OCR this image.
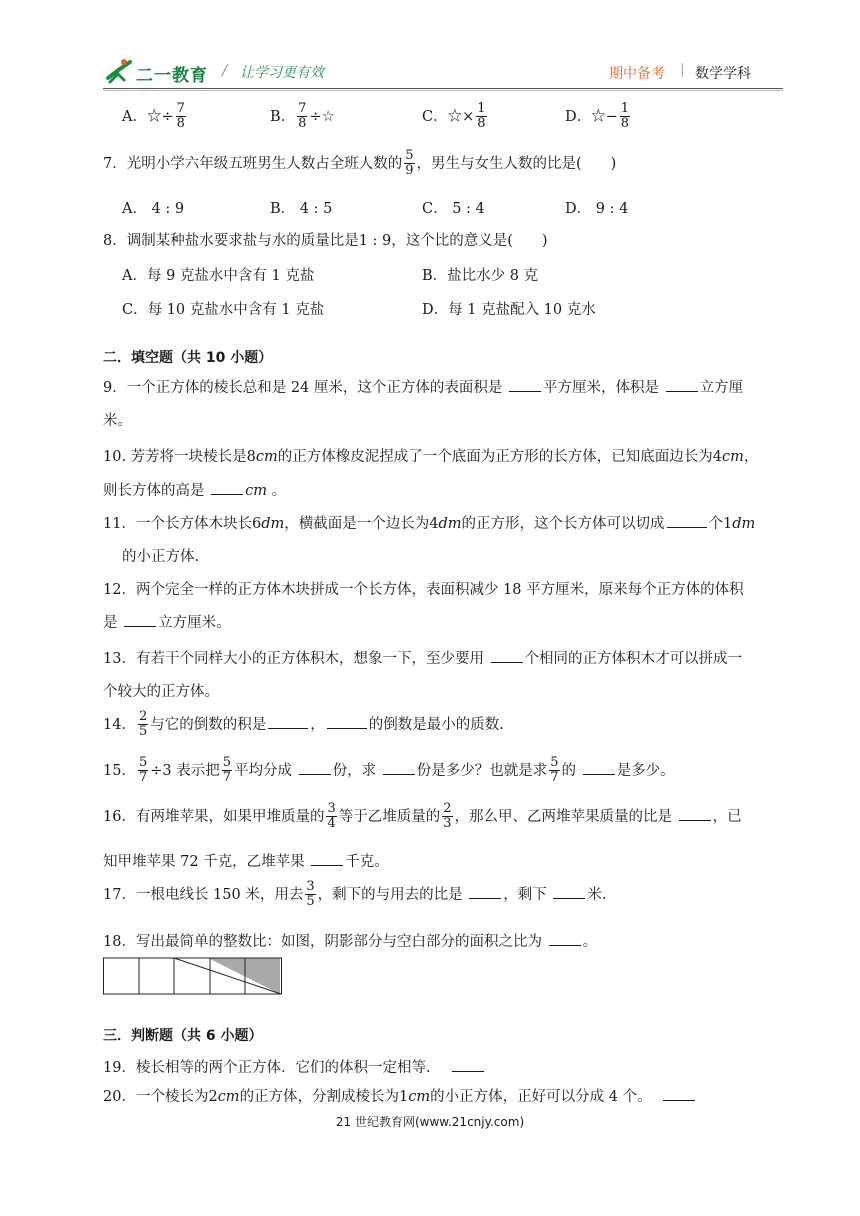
二一教育 / 让学习更有效	期中备考 | 数学学科
A．☆÷ $\frac{7}{8}$	B． $\frac{7}{8}$ ÷☆	C．☆× $\frac{1}{8}$	D．☆− $\frac{1}{8}$
7．光明小学六年级五班男生人数占全班人数的 $\frac{5}{9}$ ，男生与女生人数的比是(　　)
A． 4 : 9	B． 4 : 5	C． 5 : 4	D． 9 : 4
8．调制某种盐水要求盐与水的质量比是1 : 9，这个比的意义是(　　)
A．每 9 克盐水中含有 1 克盐	B．盐比水少 8 克
C．每 10 克盐水中含有 1 克盐	D．每 1 克盐配入 10 克水
二．填空题（共 10 小题）
9．一个正方体的棱长总和是 24 厘米，这个正方体的表面积是 平方厘米，体积是 立方厘
米。
10. 芳芳将一块棱长是8cm的正方体橡皮泥捏成了一个底面为正方形的长方体，已知底面边长为4cm，
则长方体的高是 cm 。
11．一个长方体木块长6dm，横截面是一个边长为4dm的正方形，这个长方体可以切成	个1dm
的小正方体.
12．两个完全一样的正方体木块拼成一个长方体，表面积减少 18 平方厘米，原来每个正方体的体积
是 立方厘米。
13．有若干个同样大小的正方体积木，想象一下，至少要用 个相同的正方体积木才可以拼成一
个较大的正方体。
14． $\frac{2}{5}$ 与它的倒数的积是	，	的倒数是最小的质数.
15． $\frac{5}{7} \div 3$ 表示把 $\frac{5}{7}$ 平均分成 份，求 份是多少？也就是求 $\frac{5}{7}$ 的 是多少。
16．有两堆苹果，如果甲堆质量的 $\frac{3}{4}$ 等于乙堆质量的 $\frac{2}{3}$ ，那么甲、乙两堆苹果质量的比是 ，已
知甲堆苹果 72 千克，乙堆苹果 千克。
17．一根电线长 150 米，用去 $\frac{3}{5}$ ，剩下的与用去的比是 ，剩下 米.
18．写出最简单的整数比：如图，阴影部分与空白部分的面积之比为 。
三．判断题（共 6 小题）
19．棱长相等的两个正方体．它们的体积一定相等．
20．一个棱长为2cm的正方体，分割成棱长为1cm的小正方体，正好可以分成 4 个。
21 世纪教育网(www.21cnjy.com)
